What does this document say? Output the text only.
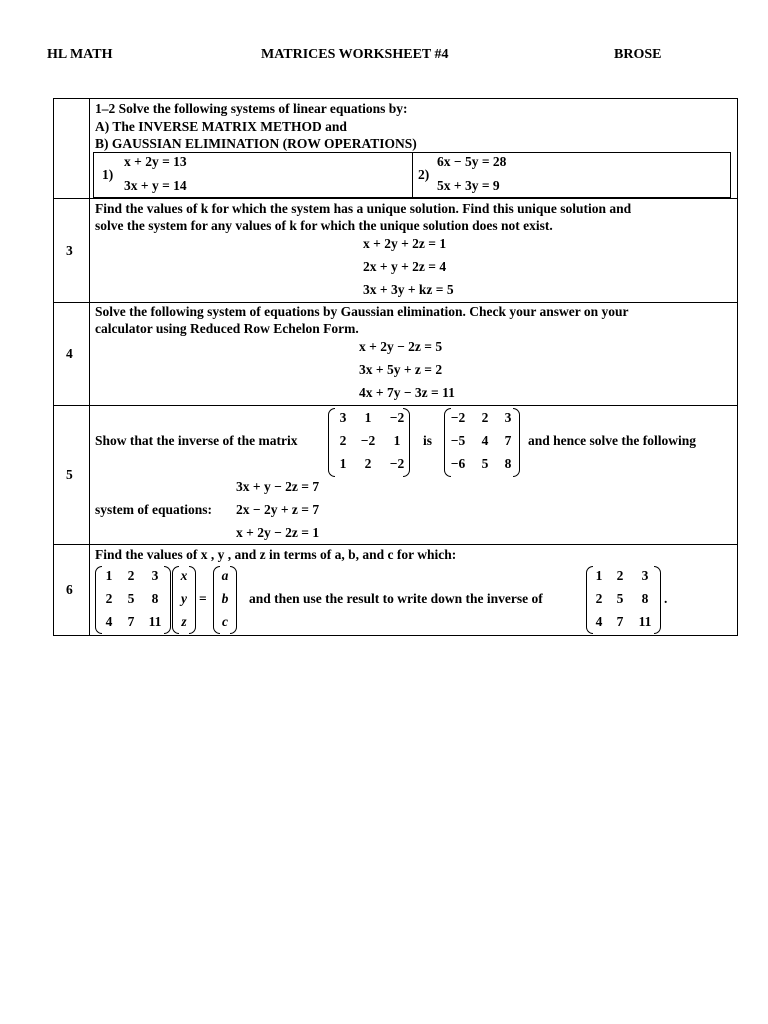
HL MATH	MATRICES WORKSHEET #4	BROSE
1–2 Solve the following systems of linear equations by:
A) The INVERSE MATRIX METHOD and
B) GAUSSIAN ELIMINATION (ROW OPERATIONS)
1)
x + 2y = 13
3x + y = 14
2)
6x − 5y = 28
5x + 3y = 9
3
Find the values of k for which the system has a unique solution. Find this unique solution and
solve the system for any values of k for which the unique solution does not exist.
x + 2y + 2z = 1
2x + y + 2z = 4
3x + 3y + kz = 5
4
Solve the following system of equations by Gaussian elimination. Check your answer on your
calculator using Reduced Row Echelon Form.
x + 2y − 2z = 5
3x + 5y + z = 2
4x + 7y − 3z = 11
5
Show that the inverse of the matrix
3	1	−2
2	−2	1
1	2	−2
is
−2	2	3
−5	4	7
−6	5	8
and hence solve the following
3x + y − 2z = 7
system of equations: 2x − 2y + z = 7
x + 2y − 2z = 1
6
Find the values of x , y , and z in terms of a, b, and c for which:
1	2	3
2	5	8
4	7	11
x
y
z
=
a
b
c
and then use the result to write down the inverse of
1	2	3
2	5	8
4	7	11
.
